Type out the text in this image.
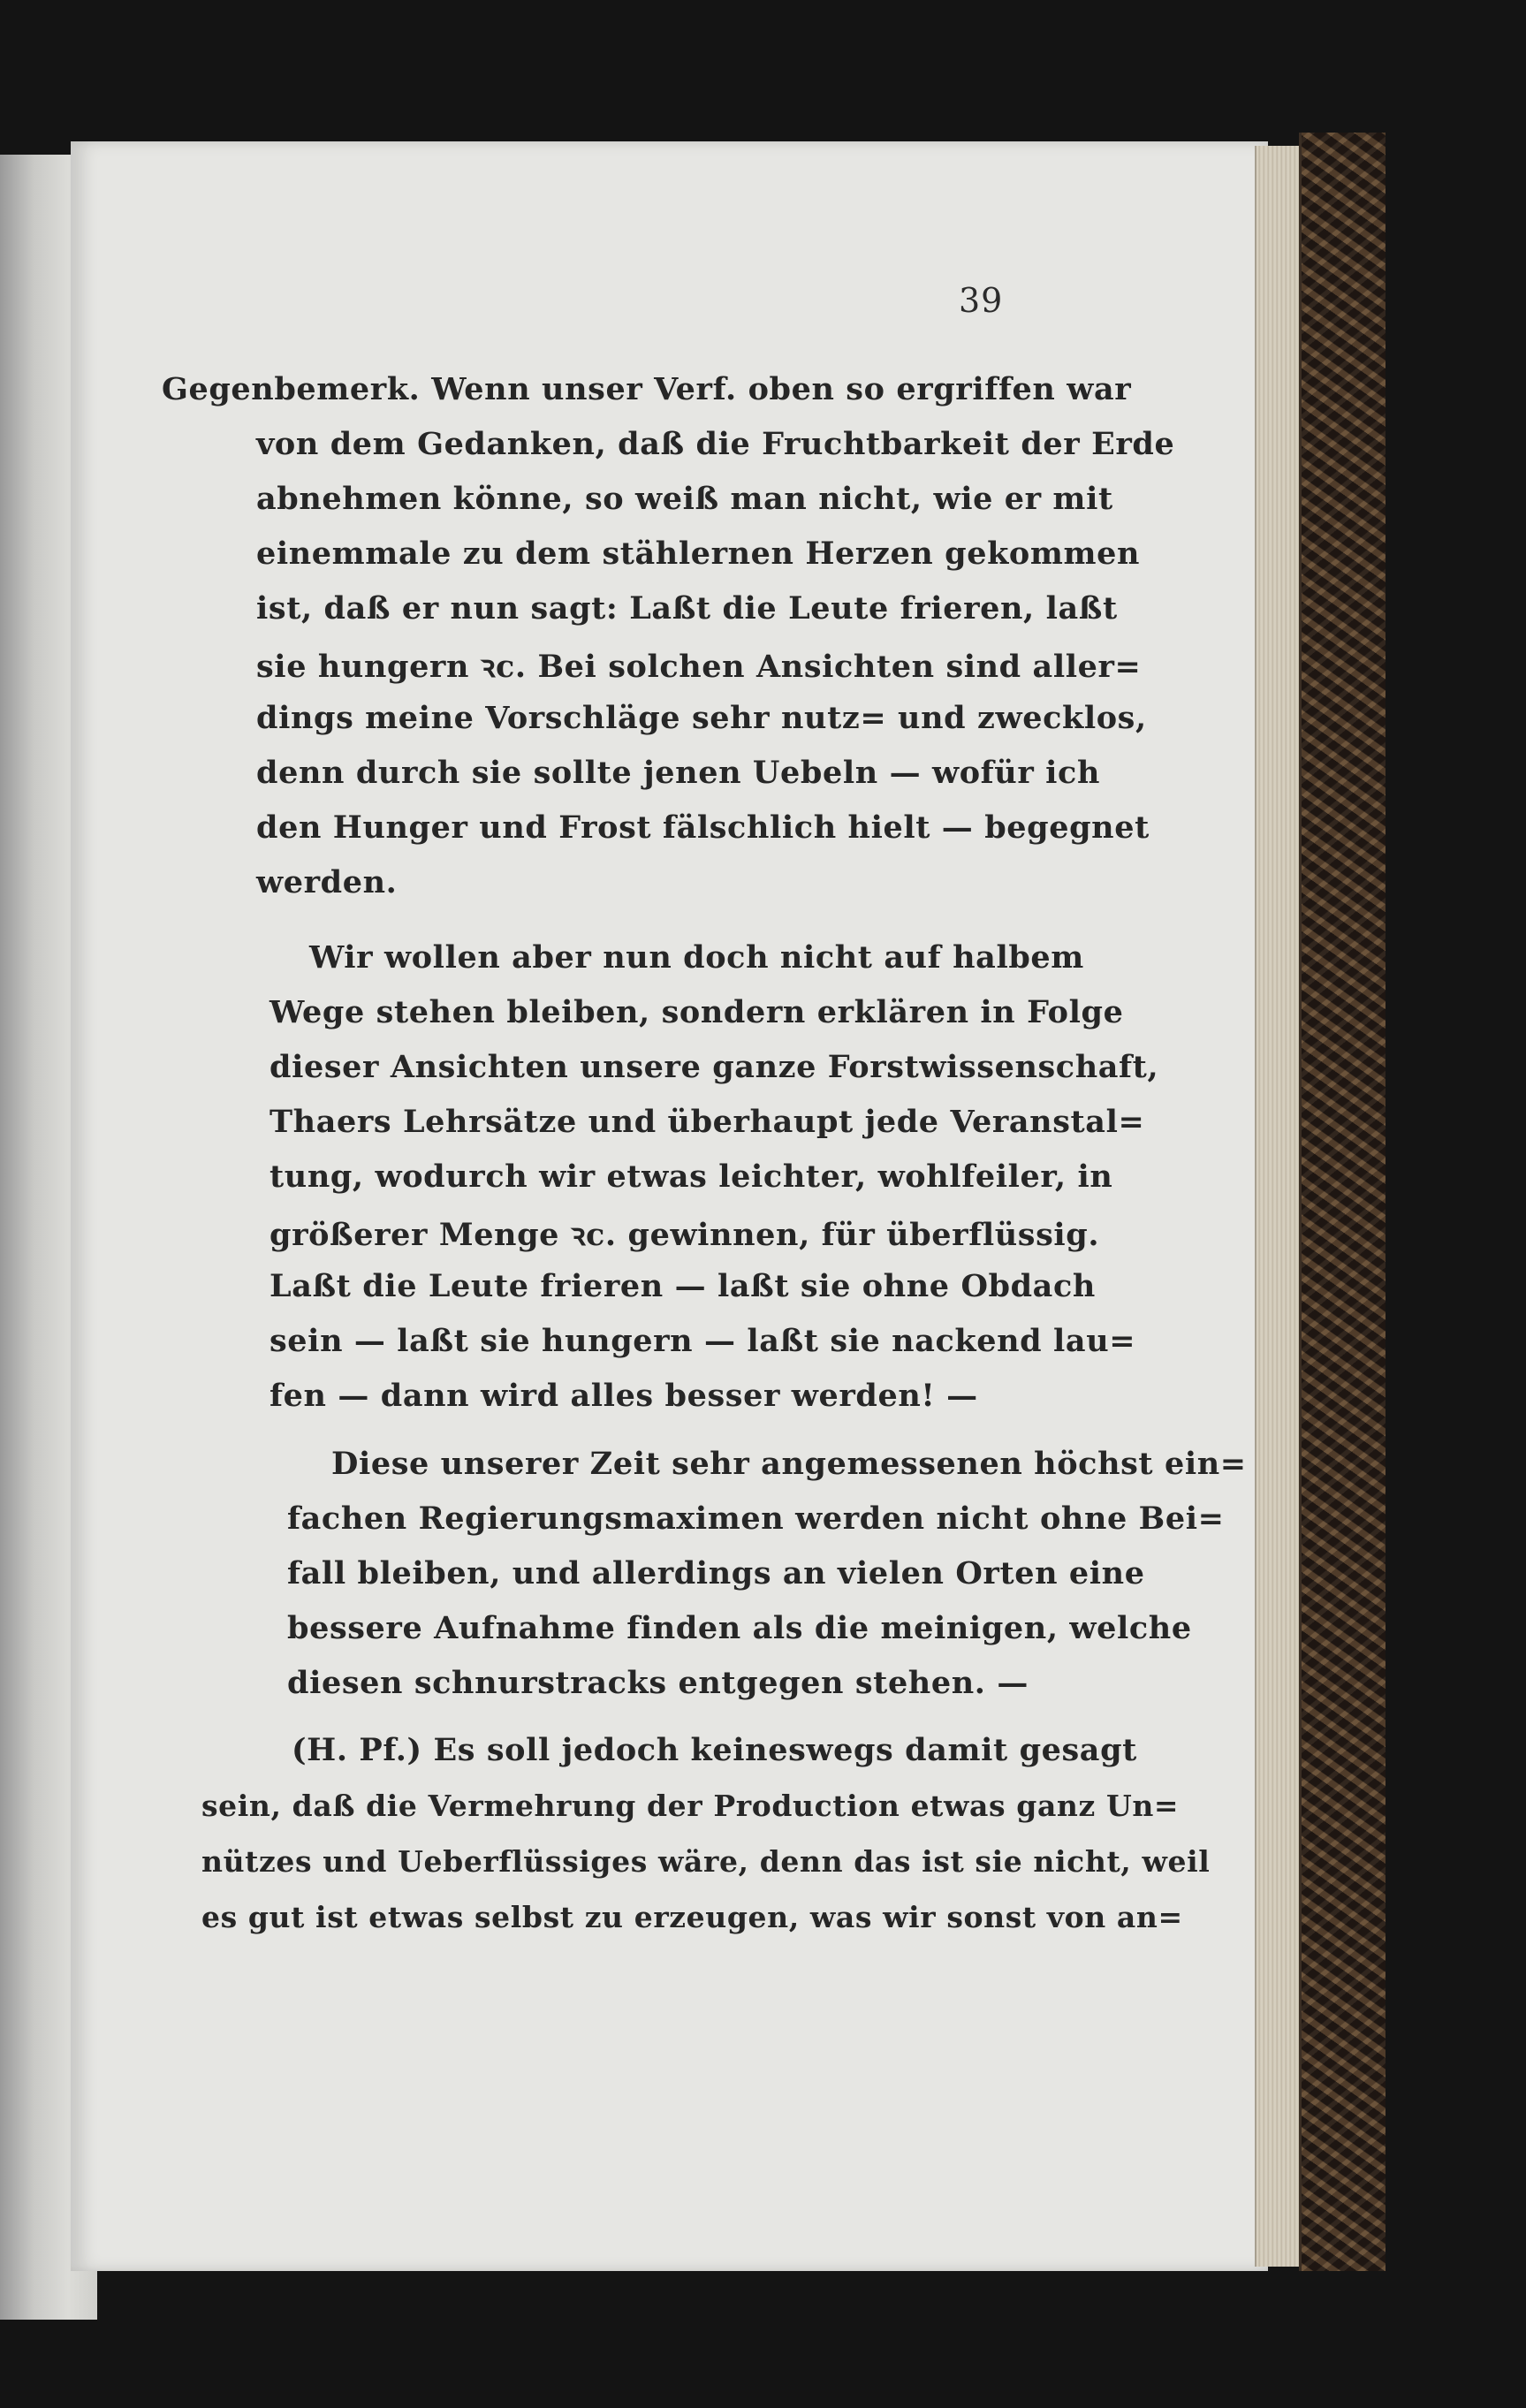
39
Gegenbemerk. Wenn unser Verf. oben so ergriffen war
von dem Gedanken, daß die Fruchtbarkeit der Erde
abnehmen könne, so weiß man nicht, wie er mit
einemmale zu dem stählernen Herzen gekommen
ist, daß er nun sagt: Laßt die Leute frieren, laßt
sie hungern ꝛc. Bei solchen Ansichten sind aller=
dings meine Vorschläge sehr nutz= und zwecklos,
denn durch sie sollte jenen Uebeln — wofür ich
den Hunger und Frost fälschlich hielt — begegnet
werden.
Wir wollen aber nun doch nicht auf halbem
Wege stehen bleiben, sondern erklären in Folge
dieser Ansichten unsere ganze Forstwissenschaft,
Thaers Lehrsätze und überhaupt jede Veranstal=
tung, wodurch wir etwas leichter, wohlfeiler, in
größerer Menge ꝛc. gewinnen, für überflüssig.
Laßt die Leute frieren — laßt sie ohne Obdach
sein — laßt sie hungern — laßt sie nackend lau=
fen — dann wird alles besser werden! —
Diese unserer Zeit sehr angemessenen höchst ein=
fachen Regierungsmaximen werden nicht ohne Bei=
fall bleiben, und allerdings an vielen Orten eine
bessere Aufnahme finden als die meinigen, welche
diesen schnurstracks entgegen stehen. —
(H. Pf.) Es soll jedoch keineswegs damit gesagt
sein, daß die Vermehrung der Production etwas ganz Un=
nützes und Ueberflüssiges wäre, denn das ist sie nicht, weil
es gut ist etwas selbst zu erzeugen, was wir sonst von an=
